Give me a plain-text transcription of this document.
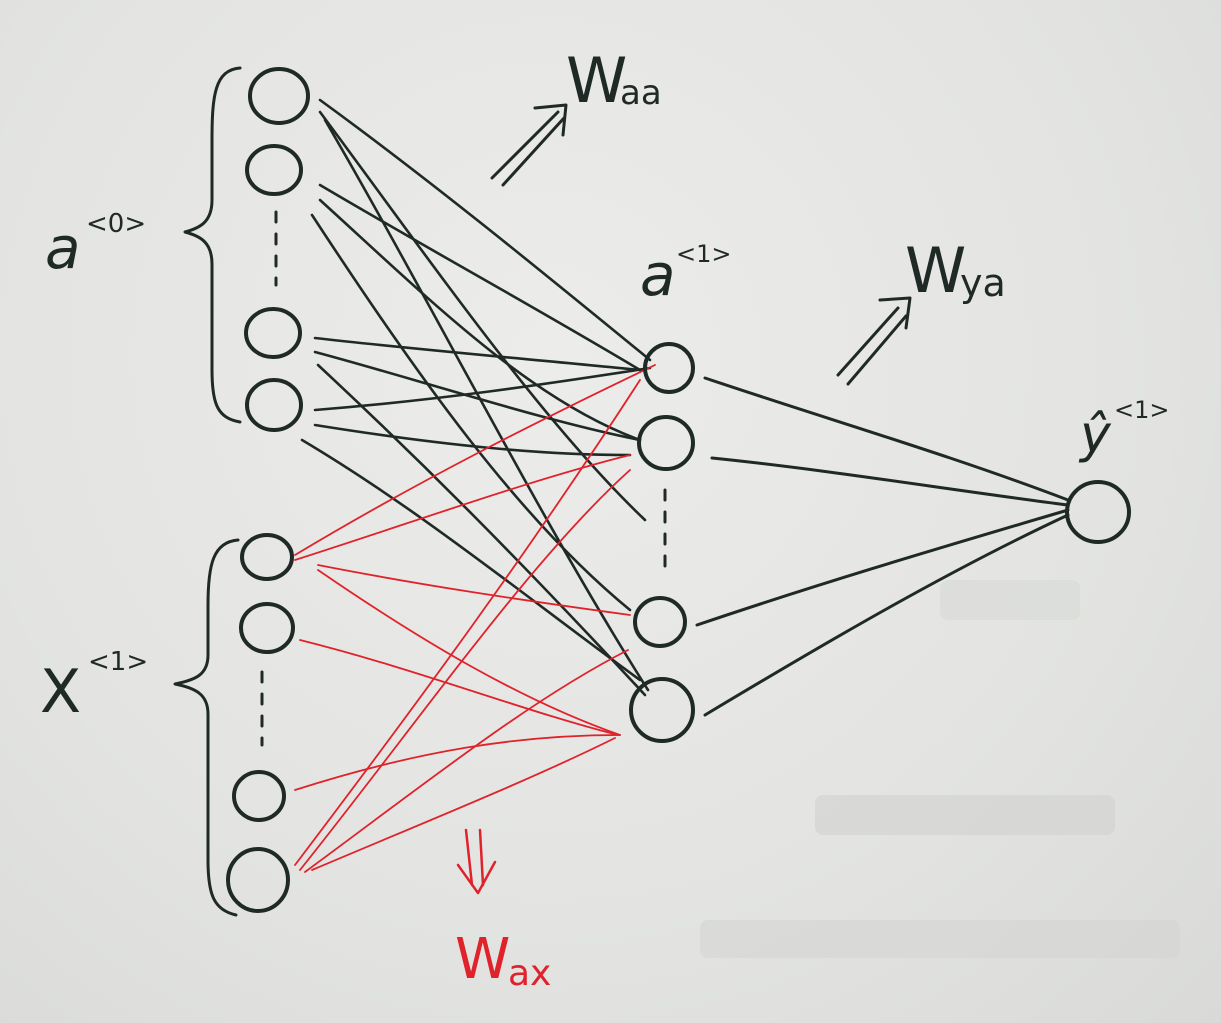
a <0>
X <1>
a <1>
ŷ <1>
W
aa
W
ya
W
ax
